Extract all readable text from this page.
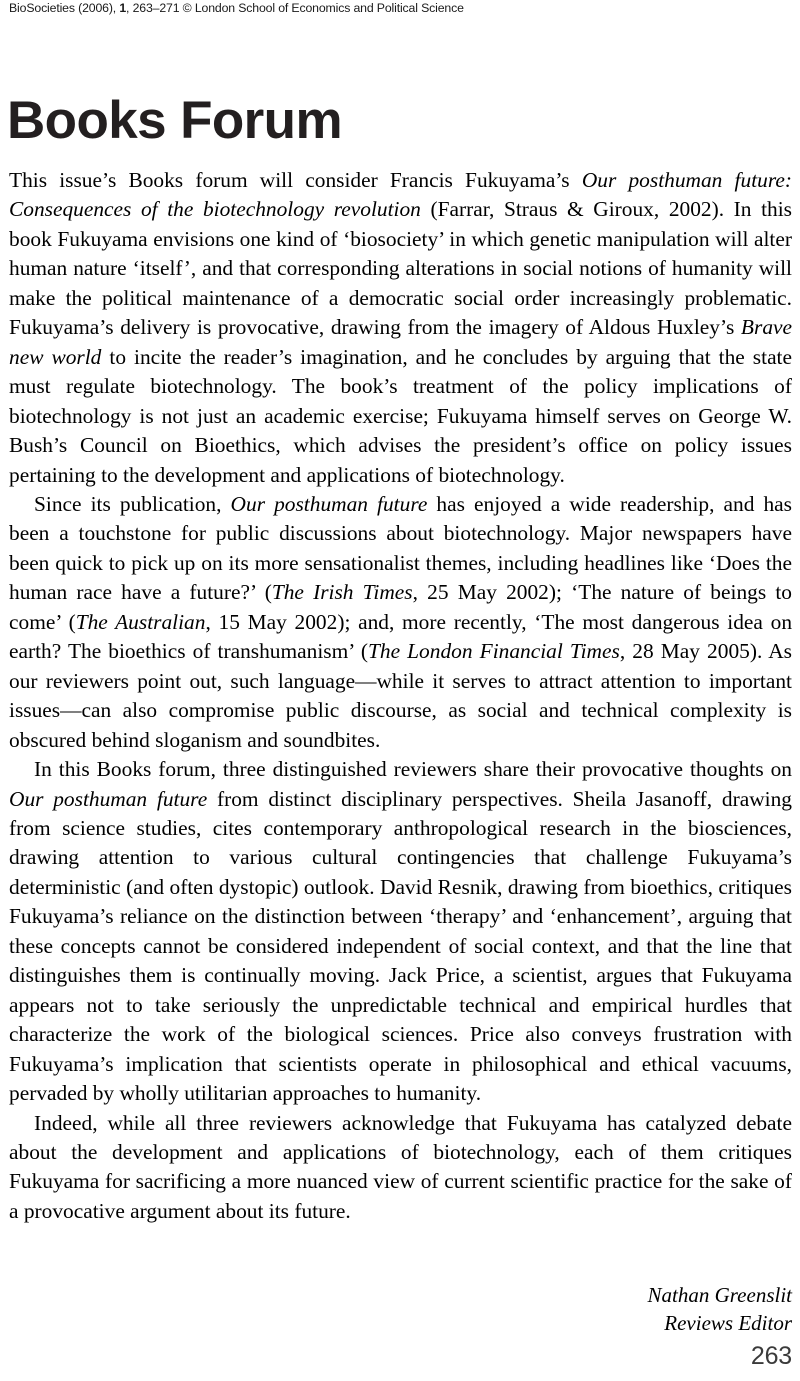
BioSocieties (2006), 1, 263–271 © London School of Economics and Political Science
Books Forum

This issue’s Books forum will consider Francis Fukuyama’s Our posthuman future: Consequences of the biotechnology revolution (Farrar, Straus & Giroux, 2002). In this book Fukuyama envisions one kind of ‘biosociety’ in which genetic manipulation will alter human nature ‘itself’, and that corresponding alterations in social notions of humanity will make the political maintenance of a democratic social order increasingly problematic. Fukuyama’s delivery is provocative, drawing from the imagery of Aldous Huxley’s Brave new world to incite the reader’s imagination, and he concludes by arguing that the state must regulate biotechnology. The book’s treatment of the policy implications of biotechnology is not just an academic exercise; Fukuyama himself serves on George W. Bush’s Council on Bioethics, which advises the president’s office on policy issues pertaining to the development and applications of biotechnology.

Since its publication, Our posthuman future has enjoyed a wide readership, and has been a touchstone for public discussions about biotechnology. Major newspapers have been quick to pick up on its more sensationalist themes, including headlines like ‘Does the human race have a future?’ (The Irish Times, 25 May 2002); ‘The nature of beings to come’ (The Australian, 15 May 2002); and, more recently, ‘The most dangerous idea on earth? The bioethics of transhumanism’ (The London Financial Times, 28 May 2005). As our reviewers point out, such language—while it serves to attract attention to important issues—can also compromise public discourse, as social and technical complexity is obscured behind sloganism and soundbites.

In this Books forum, three distinguished reviewers share their provocative thoughts on Our posthuman future from distinct disciplinary perspectives. Sheila Jasanoff, drawing from science studies, cites contemporary anthropological research in the biosciences, drawing attention to various cultural contingencies that challenge Fukuyama’s deterministic (and often dystopic) outlook. David Resnik, drawing from bioethics, critiques Fukuyama’s reliance on the distinction between ‘therapy’ and ‘enhancement’, arguing that these concepts cannot be considered independent of social context, and that the line that distinguishes them is continually moving. Jack Price, a scientist, argues that Fukuyama appears not to take seriously the unpredictable technical and empirical hurdles that characterize the work of the biological sciences. Price also conveys frustration with Fukuyama’s implication that scientists operate in philosophical and ethical vacuums, pervaded by wholly utilitarian approaches to humanity.

Indeed, while all three reviewers acknowledge that Fukuyama has catalyzed debate about the development and applications of biotechnology, each of them critiques Fukuyama for sacrificing a more nuanced view of current scientific practice for the sake of a provocative argument about its future.

Nathan Greenslit
Reviews Editor
263
